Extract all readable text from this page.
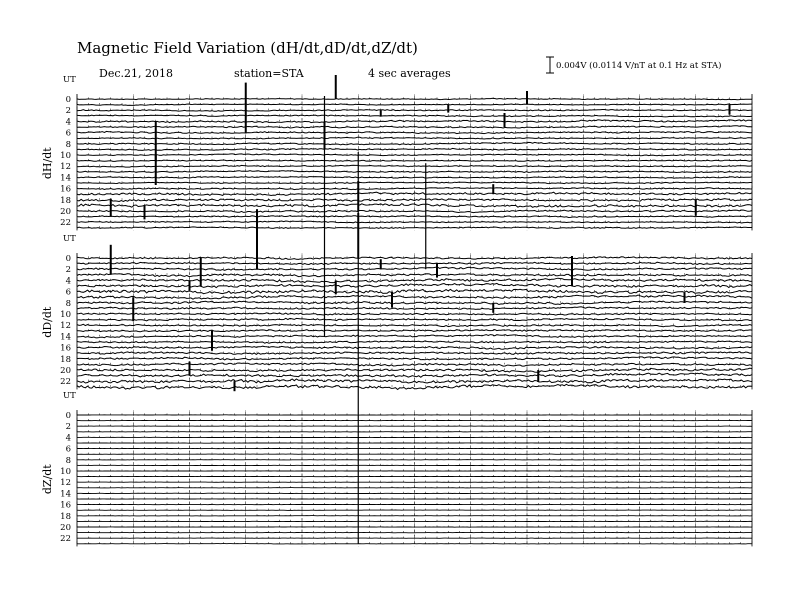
Magnetic Field Variation (dH/dt,dD/dt,dZ/dt)
Dec.21, 2018	station=STA	4 sec averages
0.004V (0.0114 V/nT at 0.1 Hz at STA)
UT
dH/dt
0
2
4
6
8
10
12
14
16
18
20
22
UT
dD/dt
0
2
4
6
8
10
12
14
16
18
20
22
UT
dZ/dt
0
2
4
6
8
10
12
14
16
18
20
22
